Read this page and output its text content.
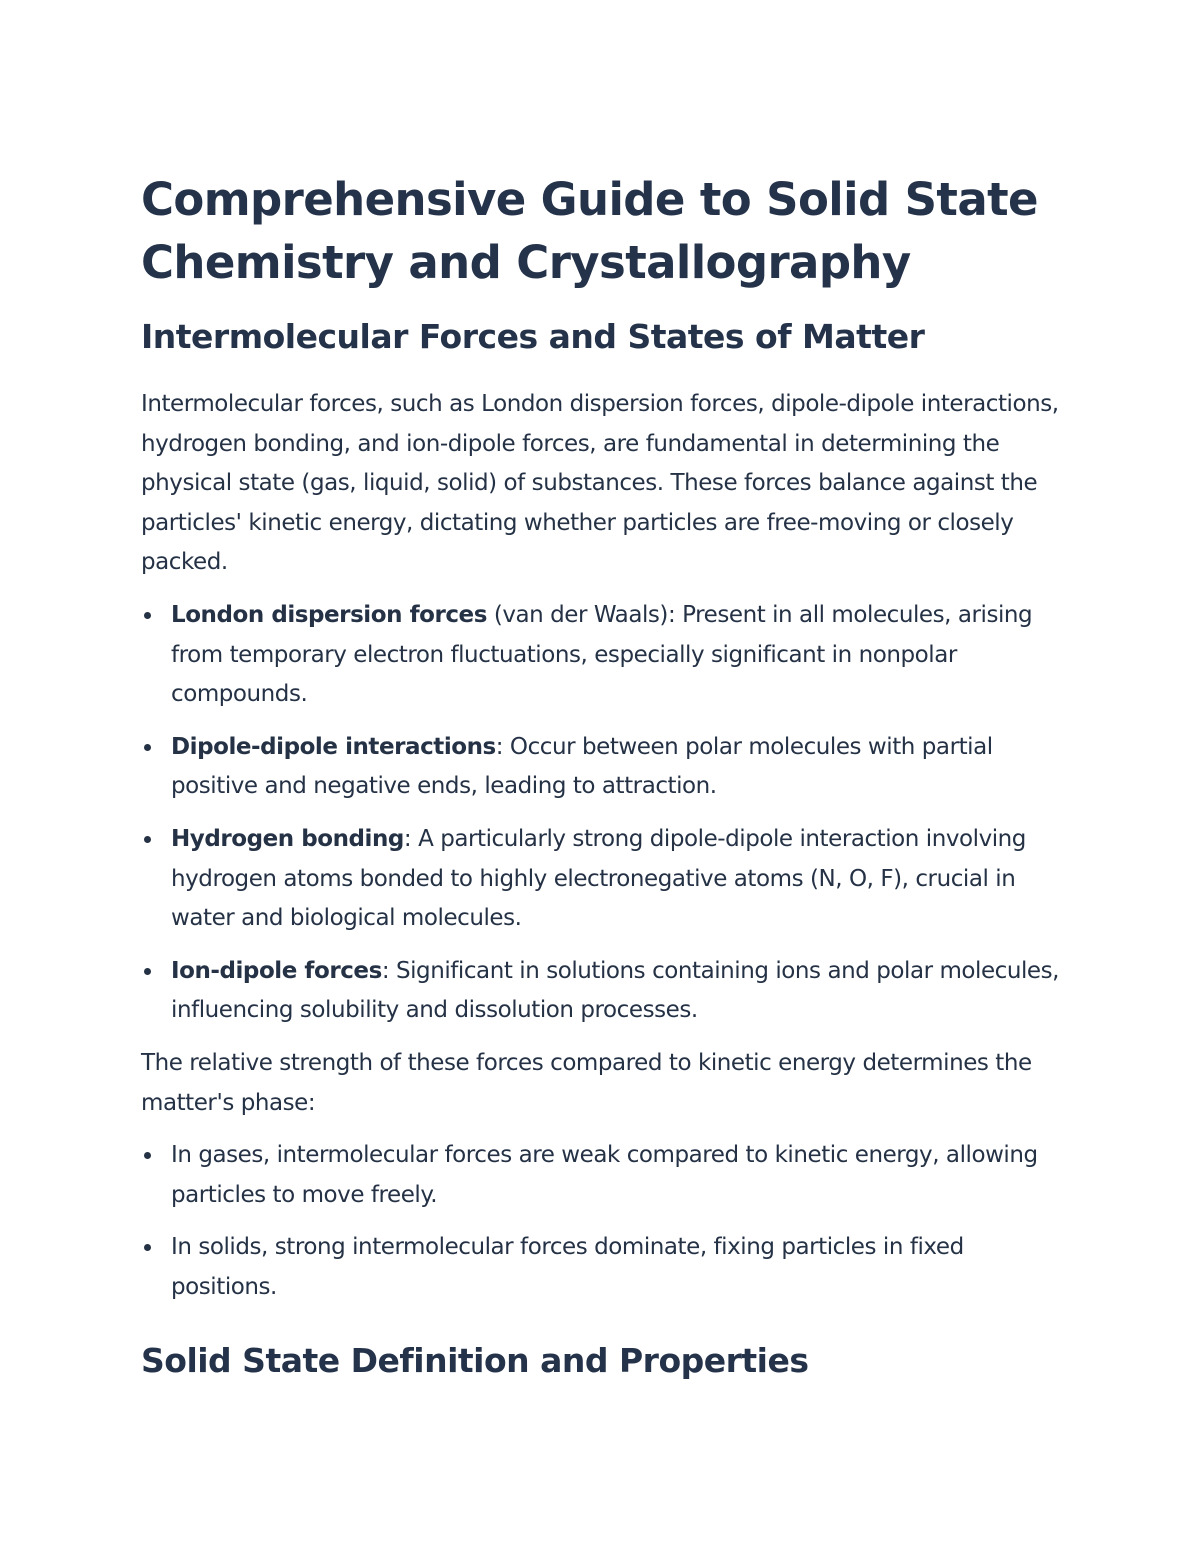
Comprehensive Guide to Solid State Chemistry and Crystallography
Intermolecular Forces and States of Matter

Intermolecular forces, such as London dispersion forces, dipole-dipole interactions, hydrogen bonding, and ion-dipole forces, are fundamental in determining the physical state (gas, liquid, solid) of substances. These forces balance against the particles' kinetic energy, dictating whether particles are free-moving or closely packed.

London dispersion forces (van der Waals): Present in all molecules, arising from temporary electron fluctuations, especially significant in nonpolar compounds.
Dipole-dipole interactions: Occur between polar molecules with partial positive and negative ends, leading to attraction.
Hydrogen bonding: A particularly strong dipole-dipole interaction involving hydrogen atoms bonded to highly electronegative atoms (N, O, F), crucial in water and biological molecules.
Ion-dipole forces: Significant in solutions containing ions and polar molecules, influencing solubility and dissolution processes.

The relative strength of these forces compared to kinetic energy determines the matter's phase:

In gases, intermolecular forces are weak compared to kinetic energy, allowing particles to move freely.
In solids, strong intermolecular forces dominate, fixing particles in fixed positions.
Solid State Definition and Properties
